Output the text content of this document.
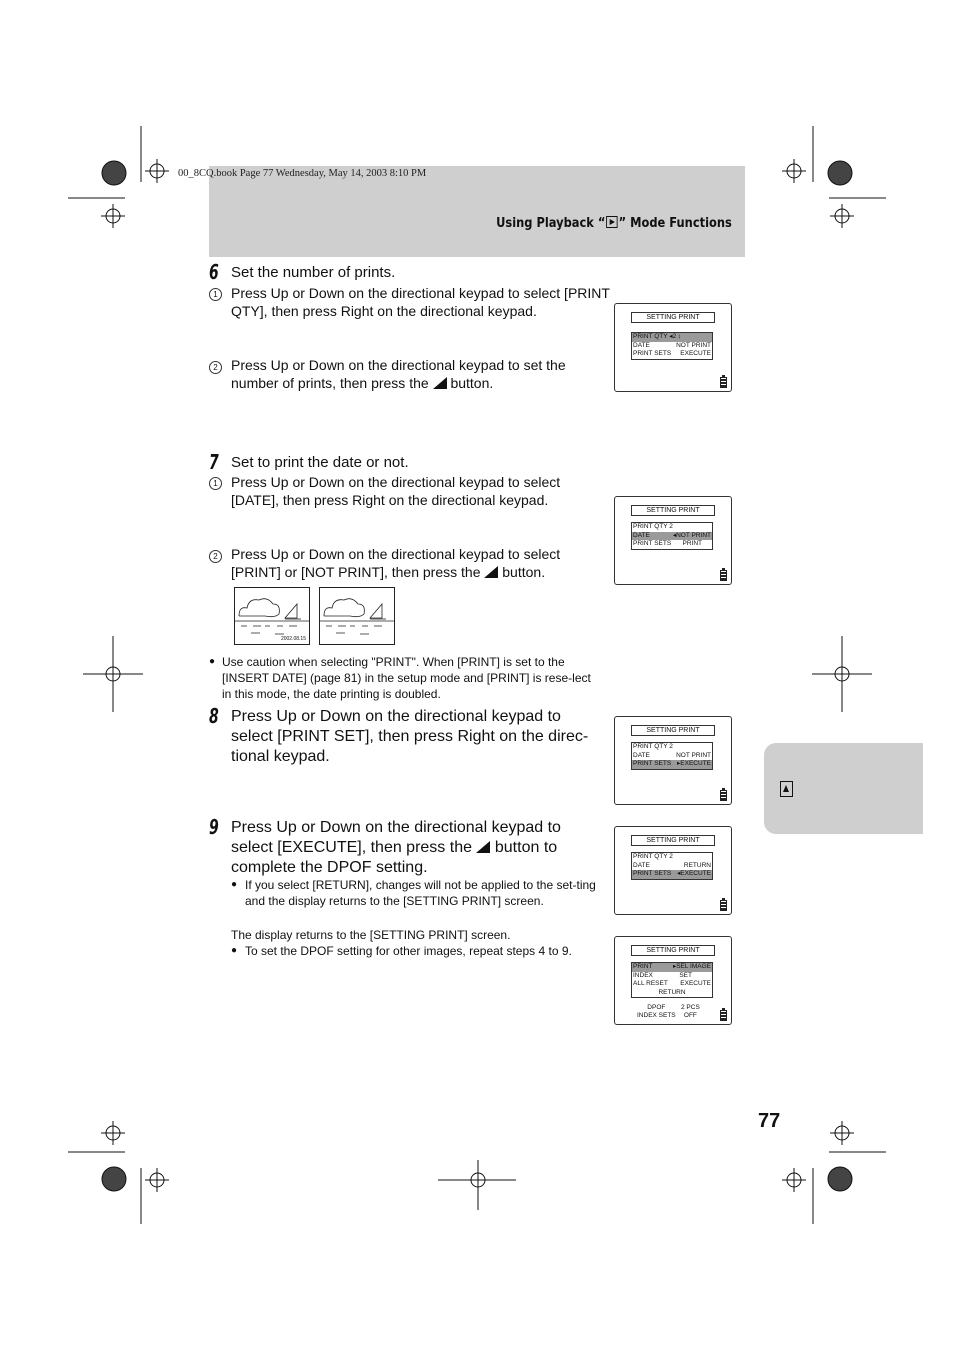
00_8CQ.book Page 77 Wednesday, May 14, 2003 8:10 PM
Using Playback “ ” Mode Functions
6 Set the number of prints.
1 Press Up or Down on the directional keypad to select [PRINT QTY], then press Right on the directional keypad.
2 Press Up or Down on the directional keypad to set the number of prints, then press the  button.
7 Set to print the date or not.
1 Press Up or Down on the directional keypad to select [DATE], then press Right on the directional keypad.
2 Press Up or Down on the directional keypad to select [PRINT] or [NOT PRINT], then press the  button.
2002.08.15
● Use caution when selecting "PRINT". When [PRINT] is set to the [INSERT DATE] (page 81) in the setup mode and [PRINT] is rese-lect in this mode, the date printing is doubled.
8 Press Up or Down on the directional keypad to select [PRINT SET], then press Right on the direc-tional keypad.
9 Press Up or Down on the directional keypad to select [EXECUTE], then press the  button to complete the DPOF setting.
● If you select [RETURN], changes will not be applied to the set-ting and the display returns to the [SETTING PRINT] screen.
The display returns to the [SETTING PRINT] screen.
● To set the DPOF setting for other images, repeat steps 4 to 9.
SETTING PRINT
PRINT QTY ◂2 ↕
DATE	NOT PRINT
PRINT SETS EXECUTE
SETTING PRINT
PRINT QTY 2
DATE	◂NOT PRINT
PRINT SETS PRINT
SETTING PRINT
PRINT QTY 2
DATE	NOT PRINT
PRINT SETS ▸EXECUTE
SETTING PRINT
PRINT QTY 2
DATE	RETURN
PRINT SETS ◂EXECUTE
SETTING PRINT
PRINT	▸SEL IMAGE
INDEX	SET
ALL RESET EXECUTE
RETURN
DPOF
INDEX SETS
2 PCS
OFF
77
